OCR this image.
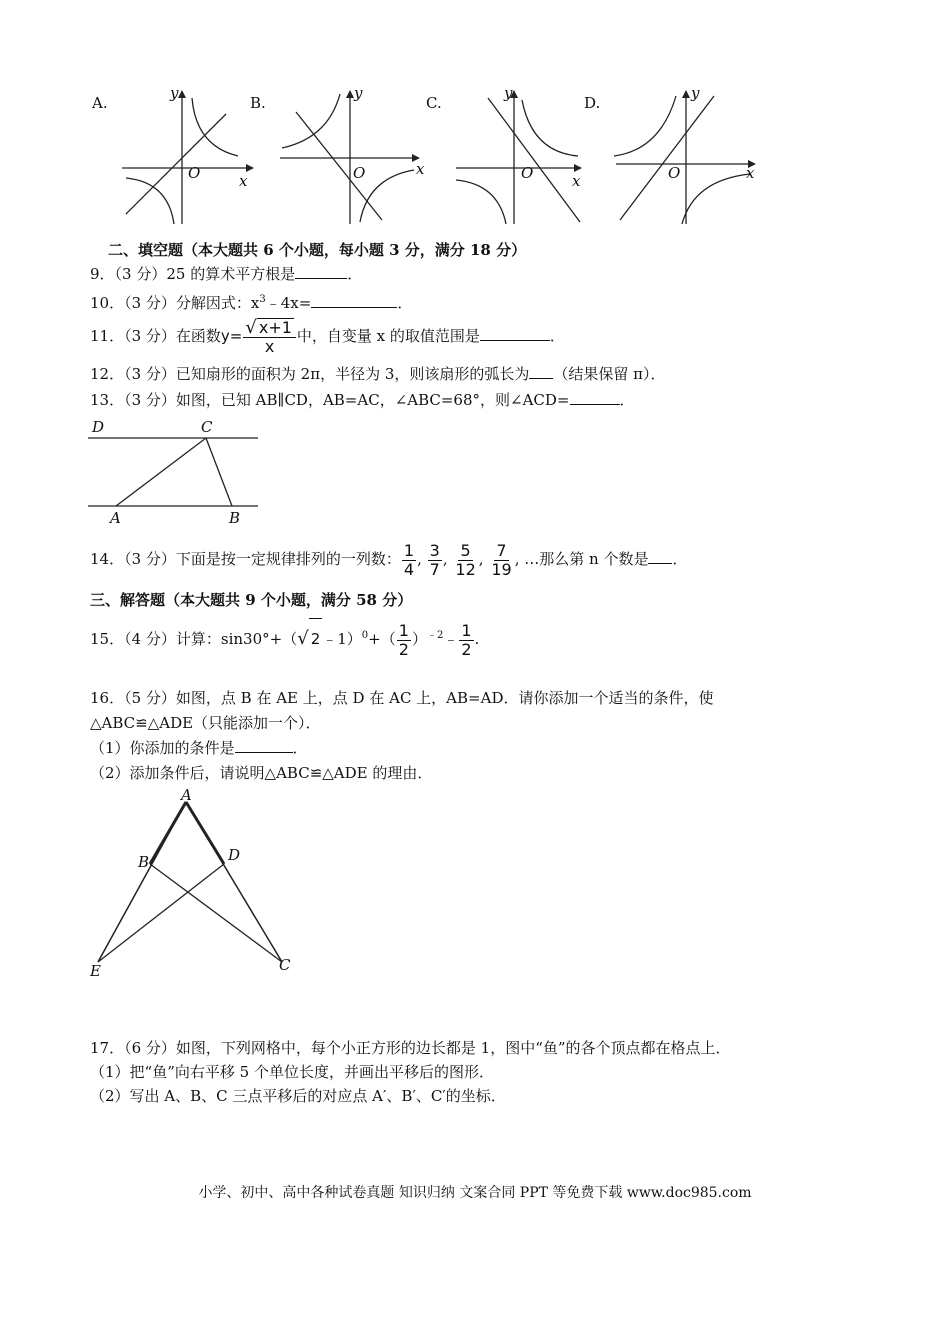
A.
y
x
O
B.
y
x
O
C.
y
x
O
D.
y
x
O
二、填空题（本大题共 6 个小题，每小题 3 分，满分 18 分）
9．（3 分）25 的算术平方根是	．
10．（3 分）分解因式：$x^3﹣4x=$	．
11．（3 分）在函数$y= \frac{√ x+1}{x}$ 中，自变量 x 的取值范围是	．
12．（3 分）已知扇形的面积为 2π，半径为 3，则该扇形的弧长为 （结果保留 π）．
13．（3 分）如图，已知 AB∥CD，AB=AC，∠ABC=68°，则∠ACD=	．
D	C
A	B
14．（3 分）下面是按一定规律排列的一列数： $\frac{1}{4}$ , $\frac{3}{7}$ , $\frac{5}{12}$ , $\frac{7}{19}$ , …那么第 n 个数是 ．
三、解答题（本大题共 9 个小题，满分 58 分）
15．（4 分）计算：sin30°+（√ 2 ﹣1）$^0$+（ $\frac{1}{2}$ ）$^{﹣2}$﹣ $\frac{1}{2}$ .
16．（5 分）如图，点 B 在 AE 上，点 D 在 AC 上，AB=AD．请你添加一个适当的条件，使
△ABC≌△ADE（只能添加一个）．
（1）你添加的条件是	．
（2）添加条件后，请说明△ABC≌△ADE 的理由．
A
B	D
E	C
17．（6 分）如图，下列网格中，每个小正方形的边长都是 1，图中“鱼”的各个顶点都在格点上．
（1）把“鱼”向右平移 5 个单位长度，并画出平移后的图形．
（2）写出 A、B、C 三点平移后的对应点 A′、B′、C′的坐标．
小学、初中、高中各种试卷真题 知识归纳 文案合同 PPT 等免费下载 www.doc985.com
